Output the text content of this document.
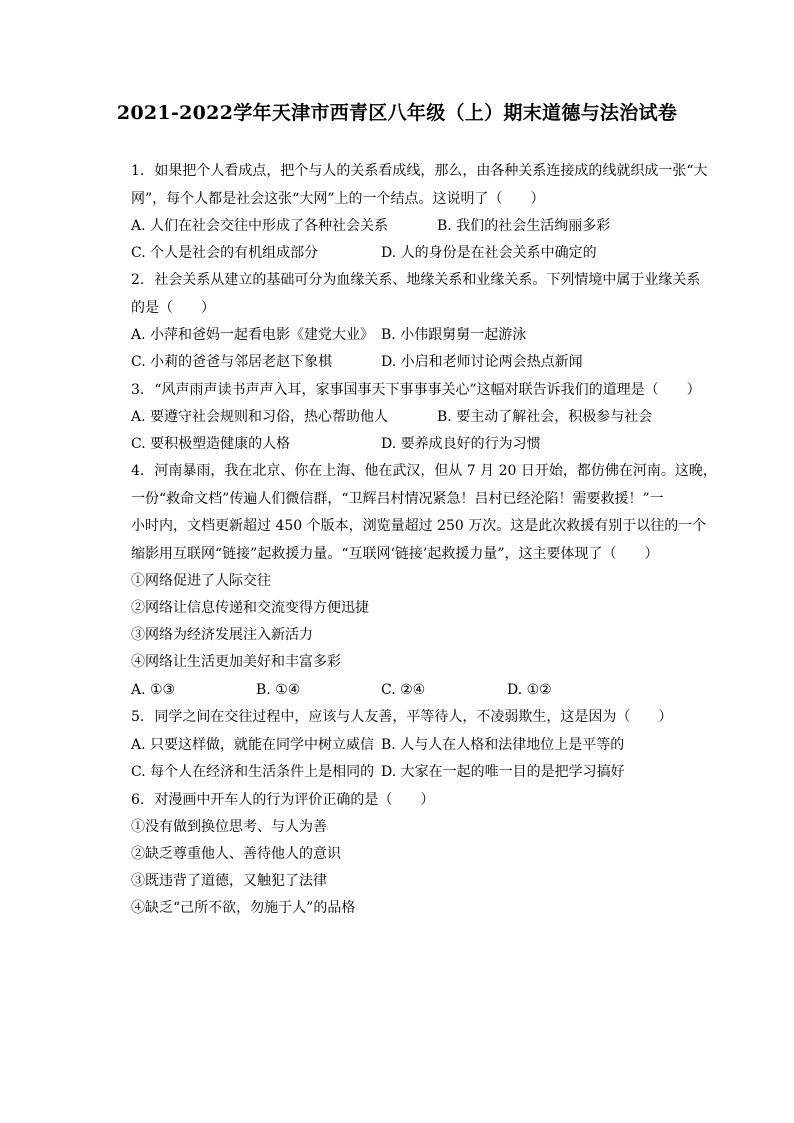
2021-2022学年天津市西青区八年级（上）期末道德与法治试卷
1. 如果把个人看成点，把个与人的关系看成线，那么，由各种关系连接成的线就织成一张“大
网”，每个人都是社会这张“大网”上的一个结点。这说明了（　　）
A. 人们在社会交往中形成了各种社会关系	B. 我们的社会生活绚丽多彩
C. 个人是社会的有机组成部分	D. 人的身份是在社会关系中确定的
2. 社会关系从建立的基础可分为血缘关系、地缘关系和业缘关系。下列情境中属于业缘关系
的是（　　）
A. 小萍和爸妈一起看电影《建党大业》 B. 小伟跟舅舅一起游泳
C. 小莉的爸爸与邻居老赵下象棋	D. 小启和老师讨论两会热点新闻
3. “风声雨声读书声声入耳，家事国事天下事事事关心”这幅对联告诉我们的道理是（　　）
A. 要遵守社会规则和习俗，热心帮助他人	B. 要主动了解社会，积极参与社会
C. 要积极塑造健康的人格	D. 要养成良好的行为习惯
4. 河南暴雨，我在北京、你在上海、他在武汉，但从 7 月 20 日开始，都仿佛在河南。这晚，
一份“救命文档”传遍人们微信群，“卫辉吕村情况紧急！吕村已经沦陷！需要救援！”一
小时内，文档更新超过 450 个版本，浏览量超过 250 万次。这是此次救援有别于以往的一个
缩影用互联网“链接”起救援力量。“互联网‘链接’起救援力量”，这主要体现了（　　）
①网络促进了人际交往
②网络让信息传递和交流变得方便迅捷
③网络为经济发展注入新活力
④网络让生活更加美好和丰富多彩
A. ①③	B. ①④	C. ②④	D. ①②
5. 同学之间在交往过程中，应该与人友善，平等待人，不凌弱欺生，这是因为（　　）
A. 只要这样做，就能在同学中树立威信 B. 人与人在人格和法律地位上是平等的
C. 每个人在经济和生活条件上是相同的 D. 大家在一起的唯一目的是把学习搞好
6. 对漫画中开车人的行为评价正确的是（　　）
①没有做到换位思考、与人为善
②缺乏尊重他人、善待他人的意识
③既违背了道德，又触犯了法律
④缺乏“己所不欲，勿施于人”的品格
